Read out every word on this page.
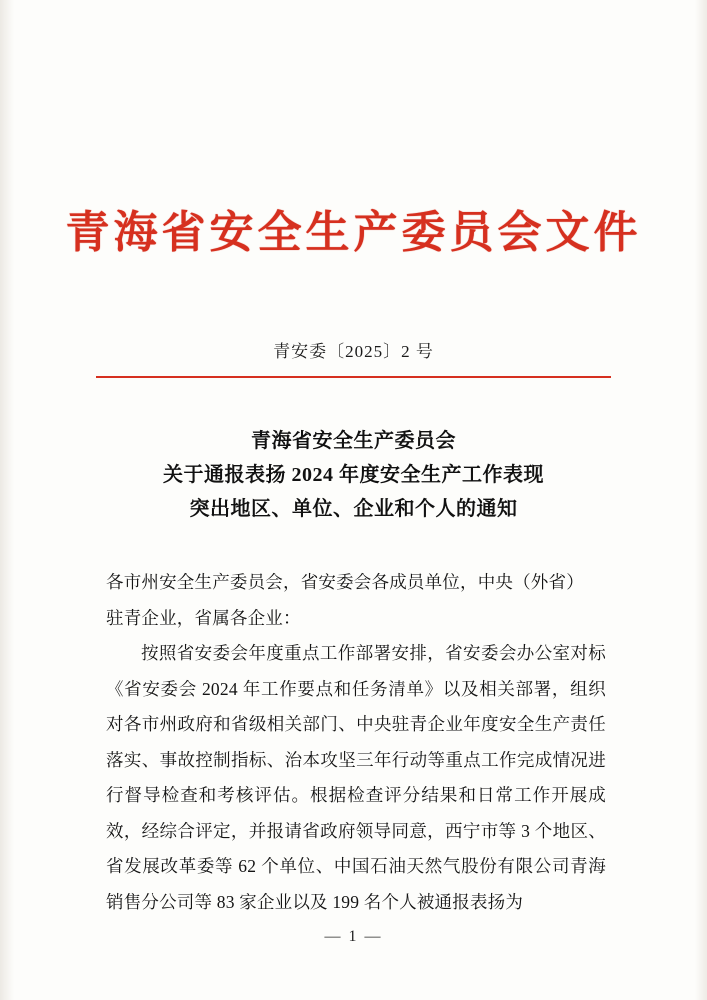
青海省安全生产委员会文件
青安委〔2025〕2 号
青海省安全生产委员会
关于通报表扬 2024 年度安全生产工作表现
突出地区、单位、企业和个人的通知

各市州安全生产委员会，省安委会各成员单位，中央（外省）

驻青企业，省属各企业：

按照省安委会年度重点工作部署安排，省安委会办公室对标《省安委会 2024 年工作要点和任务清单》以及相关部署，组织对各市州政府和省级相关部门、中央驻青企业年度安全生产责任落实、事故控制指标、治本攻坚三年行动等重点工作完成情况进行督导检查和考核评估。根据检查评分结果和日常工作开展成效，经综合评定，并报请省政府领导同意，西宁市等 3 个地区、省发展改革委等 62 个单位、中国石油天然气股份有限公司青海销售分公司等 83 家企业以及 199 名个人被通报表扬为

— 1 —
